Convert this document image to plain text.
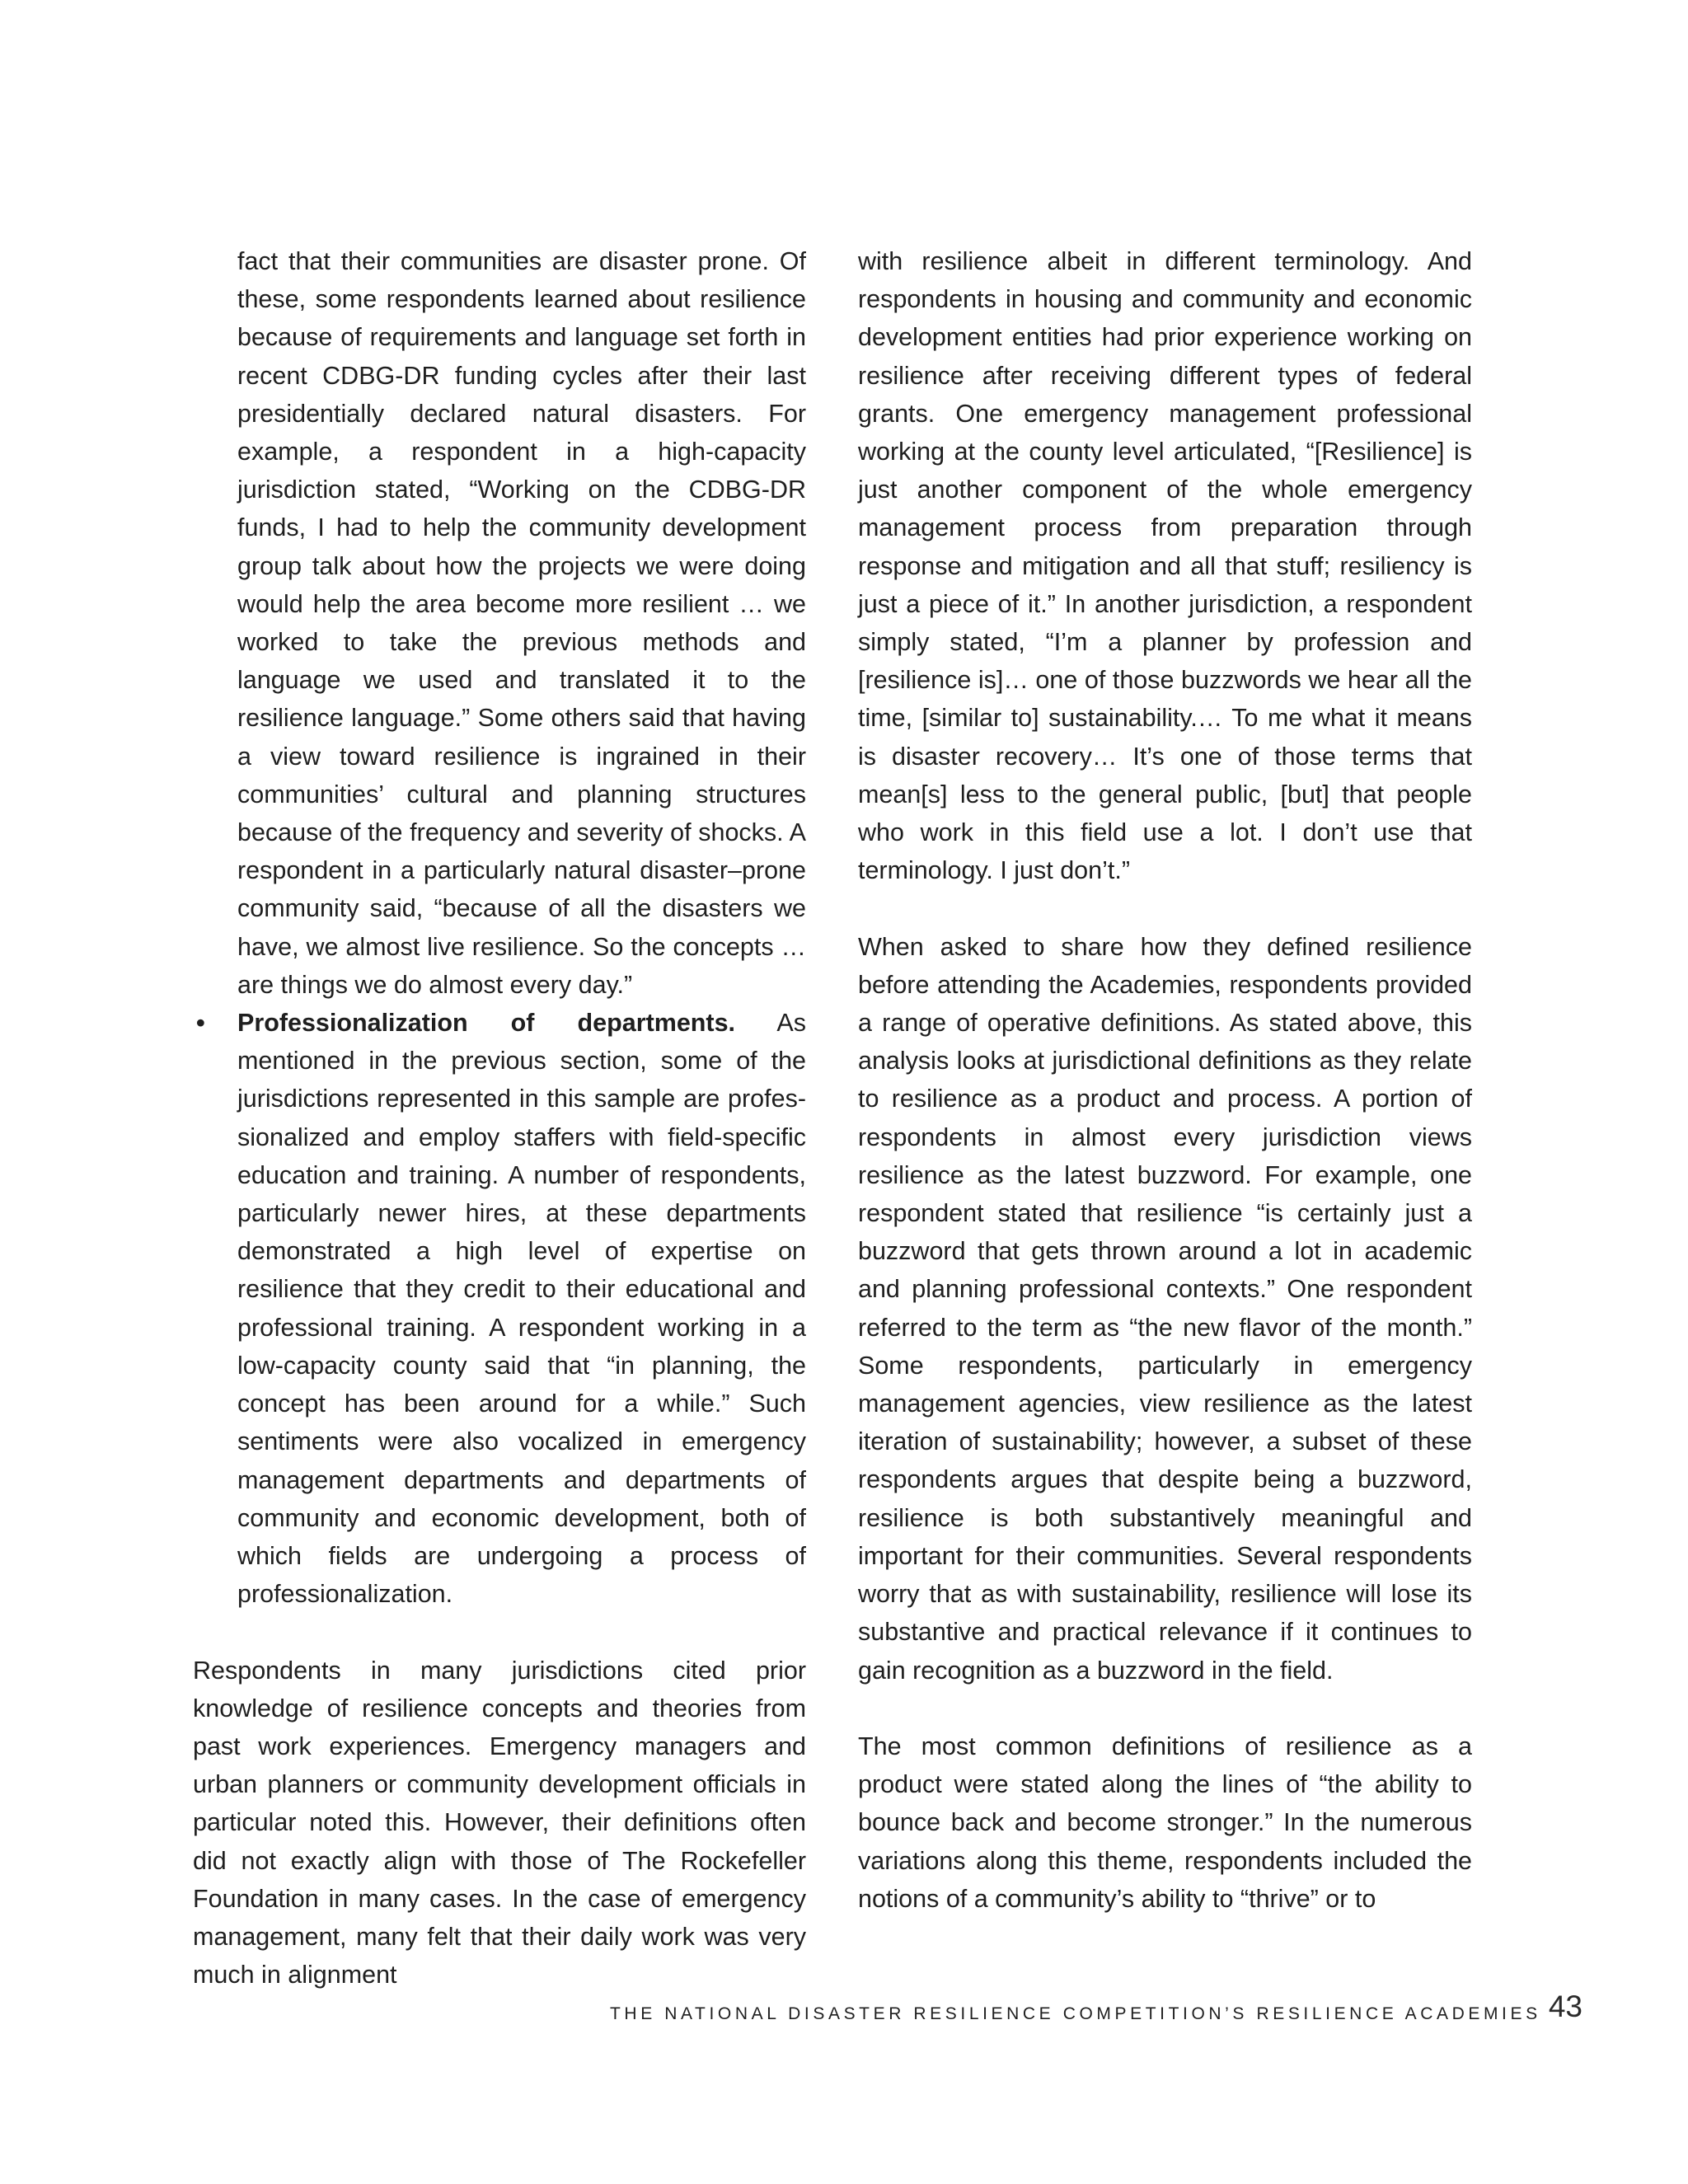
fact that their communities are disaster prone. Of these, some respondents learned about resilience because of requirements and language set forth in recent CDBG-DR funding cycles after their last presidentially declared natural disasters. For example, a respondent in a high-capacity jurisdiction stated, “Working on the CDBG-DR funds, I had to help the community development group talk about how the projects we were doing would help the area become more resilient … we worked to take the previous methods and language we used and translated it to the resilience language.” Some others said that having a view toward resilience is ingrained in their communities’ cultural and planning structures because of the frequency and severity of shocks. A respondent in a particularly natural disaster–prone community said, “because of all the disasters we have, we almost live resilience. So the concepts … are things we do almost every day.”

• Professionalization of departments. As mentioned in the previous section, some of the jurisdictions represented in this sample are professionalized and employ staffers with field-specific education and training. A number of respondents, particularly newer hires, at these departments demonstrated a high level of expertise on resilience that they credit to their educational and professional training. A respondent working in a low-capacity county said that “in planning, the concept has been around for a while.” Such sentiments were also vocalized in emergency management departments and departments of community and economic development, both of which fields are undergoing a process of professionalization.

Respondents in many jurisdictions cited prior knowledge of resilience concepts and theories from past work experiences. Emergency managers and urban planners or community development officials in particular noted this. However, their definitions often did not exactly align with those of The Rockefeller Foundation in many cases. In the case of emergency management, many felt that their daily work was very much in alignment

with resilience albeit in different terminology. And respondents in housing and community and economic development entities had prior experience working on resilience after receiving different types of federal grants. One emergency management professional working at the county level articulated, “[Resilience] is just another component of the whole emergency management process from preparation through response and mitigation and all that stuff; resiliency is just a piece of it.” In another jurisdiction, a respondent simply stated, “I’m a planner by profession and [resilience is]… one of those buzzwords we hear all the time, [similar to] sustainability.… To me what it means is disaster recovery… It’s one of those terms that mean[s] less to the general public, [but] that people who work in this field use a lot. I don’t use that terminology. I just don’t.”

When asked to share how they defined resilience before attending the Academies, respondents provided a range of operative definitions. As stated above, this analysis looks at jurisdictional definitions as they relate to resilience as a product and process. A portion of respondents in almost every jurisdiction views resilience as the latest buzzword. For example, one respondent stated that resilience “is certainly just a buzzword that gets thrown around a lot in academic and planning professional contexts.” One respondent referred to the term as “the new flavor of the month.” Some respondents, particularly in emergency management agencies, view resilience as the latest iteration of sustainability; however, a subset of these respondents argues that despite being a buzzword, resilience is both substantively meaningful and important for their communities. Several respondents worry that as with sustainability, resilience will lose its substantive and practical relevance if it continues to gain recognition as a buzzword in the field.

The most common definitions of resilience as a product were stated along the lines of “the ability to bounce back and become stronger.” In the numerous variations along this theme, respondents included the notions of a community’s ability to “thrive” or to

THE NATIONAL DISASTER RESILIENCE COMPETITION’S RESILIENCE ACADEMIES 43
